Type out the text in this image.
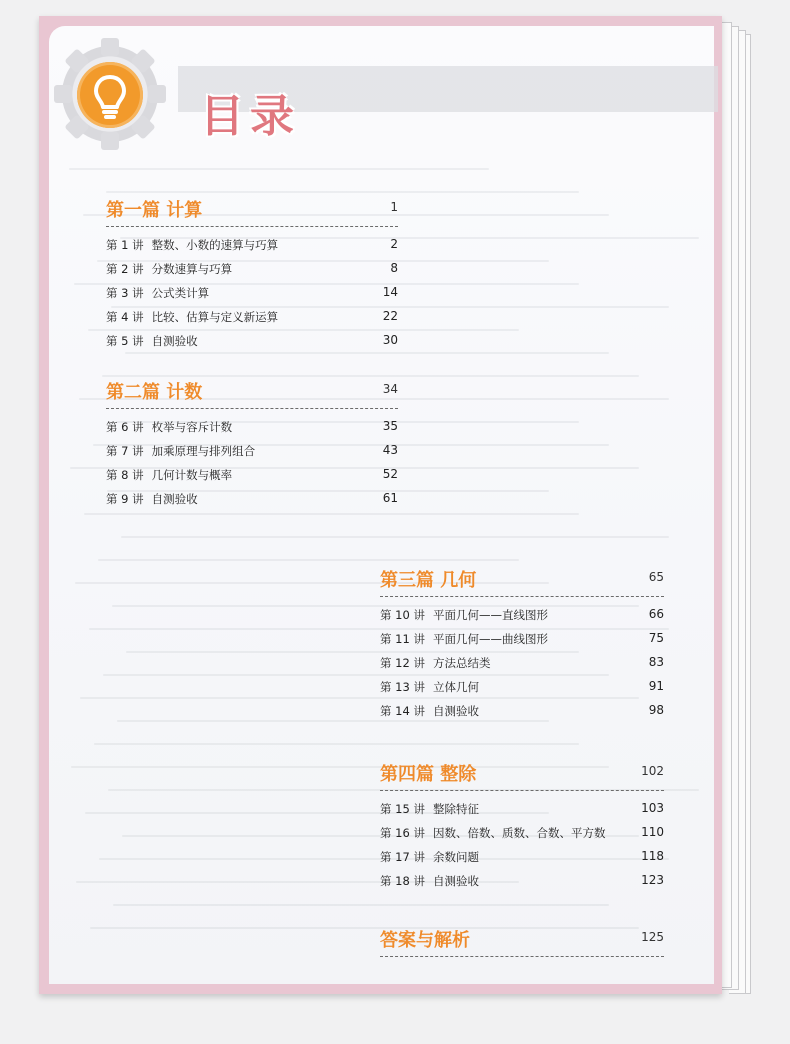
目录
第一篇 计算	1
第 1 讲 整数、小数的速算与巧算	2
第 2 讲 分数速算与巧算	8
第 3 讲 公式类计算	14
第 4 讲 比较、估算与定义新运算	22
第 5 讲 自测验收	30
第二篇 计数	34
第 6 讲 枚举与容斥计数	35
第 7 讲 加乘原理与排列组合	43
第 8 讲 几何计数与概率	52
第 9 讲 自测验收	61
第三篇 几何	65
第 10 讲 平面几何——直线图形	66
第 11 讲 平面几何——曲线图形	75
第 12 讲 方法总结类	83
第 13 讲 立体几何	91
第 14 讲 自测验收	98
第四篇 整除	102
第 15 讲 整除特征	103
第 16 讲 因数、倍数、质数、合数、平方数	110
第 17 讲 余数问题	118
第 18 讲 自测验收	123
答案与解析	125
